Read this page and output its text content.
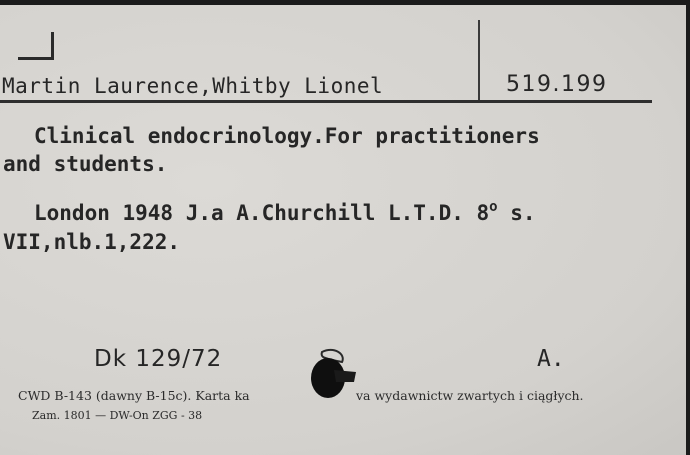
Martin Laurence,Whitby Lionel	519.199
Clinical endocrinology.For practitioners
and students.
London 1948 J.a A.Churchill L.T.D. 8$^o$ s.
VII,nlb.1,222.
Dk 129/72	A.
CWD B-143 (dawny B-15c). Karta ka	va wydawnictw zwartych i ciągłych.
Zam. 1801 — DW-On ZGG - 38
